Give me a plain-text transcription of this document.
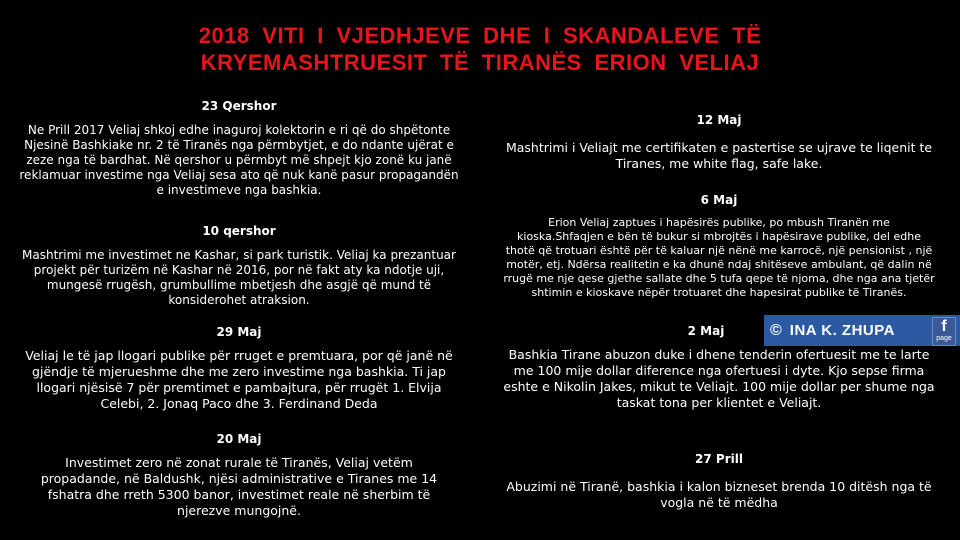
2018 VITI I VJEDHJEVE DHE I SKANDALEVE TË
KRYEMASHTRUESIT TË TIRANËS ERION VELIAJ

23 Qershor

Ne Prill 2017 Veliaj shkoj edhe inaguroj kolektorin e ri që do shpëtonte
Njesinë Bashkiake nr. 2 të Tiranës nga përmbytjet, e do ndante ujërat e
zeze nga të bardhat. Në qershor u përmbyt më shpejt kjo zonë ku janë
reklamuar investime nga Veliaj sesa ato që nuk kanë pasur propagandën
e investimeve nga bashkia.

10 qershor

Mashtrimi me investimet ne Kashar, si park turistik. Veliaj ka prezantuar
projekt për turizëm në Kashar në 2016, por në fakt aty ka ndotje uji,
mungesë rrugësh, grumbullime mbetjesh dhe asgjë që mund të
konsiderohet atraksion.

29 Maj

Veliaj le të jap llogari publike për rruget e premtuara, por që janë në
gjëndje të mjerueshme dhe me zero investime nga bashkia. Ti jap
llogari njësisë 7 për premtimet e pambajtura, për rrugët 1. Elvija
Celebi, 2. Jonaq Paco dhe 3. Ferdinand Deda

20 Maj

Investimet zero në zonat rurale të Tiranës, Veliaj vetëm
propadande, në Baldushk, njësi administrative e Tiranes me 14
fshatra dhe rreth 5300 banor, investimet reale në sherbim të
njerezve mungojnë.

12 Maj

Mashtrimi i Veliajt me certifikaten e pastertise se ujrave te liqenit te
Tiranes, me white flag, safe lake.

6 Maj

Erion Veliaj zaptues i hapësirës publike, po mbush Tiranën me
kioska.Shfaqjen e bën të bukur si mbrojtës i hapësirave publike, del edhe
thotë që trotuari është për të kaluar një nënë me karrocë, një pensionist , një
motër, etj. Ndërsa realitetin e ka dhunë ndaj shitëseve ambulant, që dalin në
rrugë me nje qese gjethe sallate dhe 5 tufa qepe të njoma, dhe nga ana tjetër
shtimin e kioskave nëpër trotuaret dhe hapesirat publike të Tiranës.

2 Maj

Bashkia Tirane abuzon duke i dhene tenderin ofertuesit me te larte
me 100 mije dollar diference nga ofertuesi i dyte. Kjo sepse firma
eshte e Nikolin Jakes, mikut te Veliajt. 100 mije dollar per shume nga
taskat tona per klientet e Veliajt.

27 Prill

Abuzimi në Tiranë, bashkia i kalon bizneset brenda 10 ditësh nga të
vogla në të mëdha

© INA K. ZHUPA	f
page
